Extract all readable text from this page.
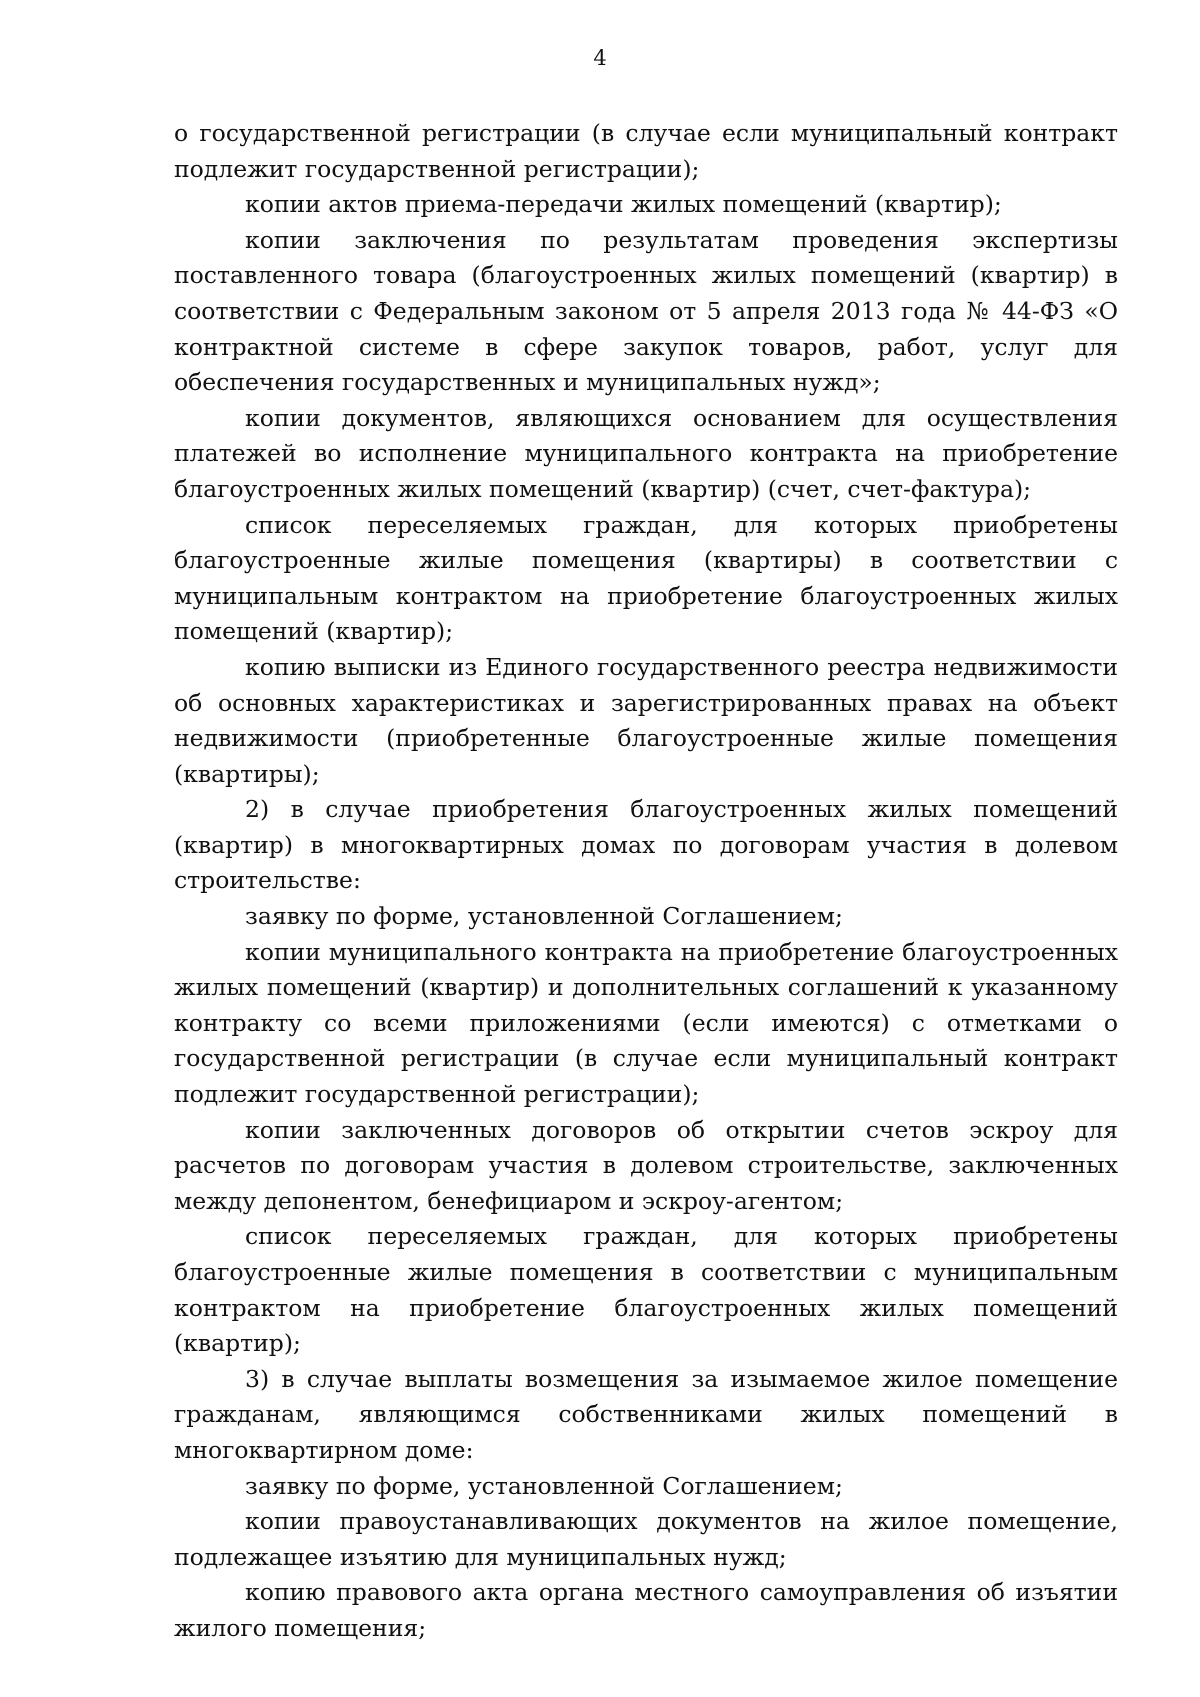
4

о государственной регистрации (в случае если муниципальный контракт подлежит государственной регистрации);

копии актов приема-передачи жилых помещений (квартир);

копии заключения по результатам проведения экспертизы поставленного товара (благоустроенных жилых помещений (квартир) в соответствии с Федеральным законом от 5 апреля 2013 года № 44-ФЗ «О контрактной системе в сфере закупок товаров, работ, услуг для обеспечения государственных и муниципальных нужд»;

копии документов, являющихся основанием для осуществления платежей во исполнение муниципального контракта на приобретение благоустроенных жилых помещений (квартир) (счет, счет-фактура);

список переселяемых граждан, для которых приобретены благоустроенные жилые помещения (квартиры) в соответствии с муниципальным контрактом на приобретение благоустроенных жилых помещений (квартир);

копию выписки из Единого государственного реестра недвижимости об основных характеристиках и зарегистрированных правах на объект недвижимости (приобретенные благоустроенные жилые помещения (квартиры);

2) в случае приобретения благоустроенных жилых помещений (квартир) в многоквартирных домах по договорам участия в долевом строительстве:

заявку по форме, установленной Соглашением;

копии муниципального контракта на приобретение благоустроенных жилых помещений (квартир) и дополнительных соглашений к указанному контракту со всеми приложениями (если имеются) с отметками о государственной регистрации (в случае если муниципальный контракт подлежит государственной регистрации);

копии заключенных договоров об открытии счетов эскроу для расчетов по договорам участия в долевом строительстве, заключенных между депонентом, бенефициаром и эскроу-агентом;

список переселяемых граждан, для которых приобретены благоустроенные жилые помещения в соответствии с муниципальным контрактом на приобретение благоустроенных жилых помещений (квартир);

3) в случае выплаты возмещения за изымаемое жилое помещение гражданам, являющимся собственниками жилых помещений в многоквартирном доме:

заявку по форме, установленной Соглашением;

копии правоустанавливающих документов на жилое помещение, подлежащее изъятию для муниципальных нужд;

копию правового акта органа местного самоуправления об изъятии жилого помещения;
